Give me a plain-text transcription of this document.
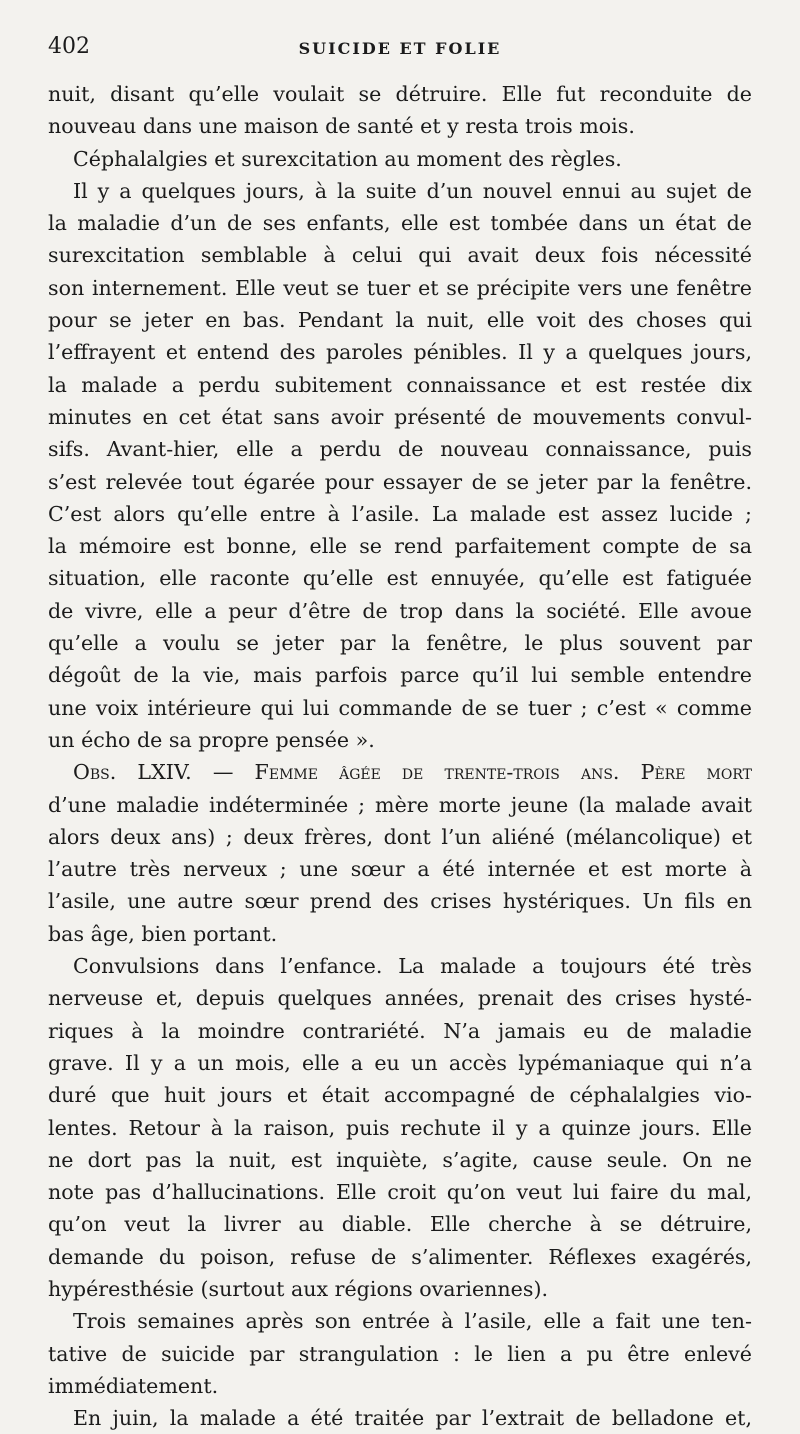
402	SUICIDE ET FOLIE
nuit, disant qu’elle voulait se détruire. Elle fut reconduite de
nouveau dans une maison de santé et y resta trois mois.
Céphalalgies et surexcitation au moment des règles.
Il y a quelques jours, à la suite d’un nouvel ennui au sujet de
la maladie d’un de ses enfants, elle est tombée dans un état de
surexcitation semblable à celui qui avait deux fois nécessité
son internement. Elle veut se tuer et se précipite vers une fenêtre
pour se jeter en bas. Pendant la nuit, elle voit des choses qui
l’effrayent et entend des paroles pénibles. Il y a quelques jours,
la malade a perdu subitement connaissance et est restée dix
minutes en cet état sans avoir présenté de mouvements convul-
sifs. Avant-hier, elle a perdu de nouveau connaissance, puis
s’est relevée tout égarée pour essayer de se jeter par la fenêtre.
C’est alors qu’elle entre à l’asile. La malade est assez lucide ;
la mémoire est bonne, elle se rend parfaitement compte de sa
situation, elle raconte qu’elle est ennuyée, qu’elle est fatiguée
de vivre, elle a peur d’être de trop dans la société. Elle avoue
qu’elle a voulu se jeter par la fenêtre, le plus souvent par
dégoût de la vie, mais parfois parce qu’il lui semble entendre
une voix intérieure qui lui commande de se tuer ; c’est « comme
un écho de sa propre pensée ».
Obs. LXIV. — Femme âgée de trente-trois ans. Père mort
d’une maladie indéterminée ; mère morte jeune (la malade avait
alors deux ans) ; deux frères, dont l’un aliéné (mélancolique) et
l’autre très nerveux ; une sœur a été internée et est morte à
l’asile, une autre sœur prend des crises hystériques. Un fils en
bas âge, bien portant.
Convulsions dans l’enfance. La malade a toujours été très
nerveuse et, depuis quelques années, prenait des crises hysté-
riques à la moindre contrariété. N’a jamais eu de maladie
grave. Il y a un mois, elle a eu un accès lypémaniaque qui n’a
duré que huit jours et était accompagné de céphalalgies vio-
lentes. Retour à la raison, puis rechute il y a quinze jours. Elle
ne dort pas la nuit, est inquiète, s’agite, cause seule. On ne
note pas d’hallucinations. Elle croit qu’on veut lui faire du mal,
qu’on veut la livrer au diable. Elle cherche à se détruire,
demande du poison, refuse de s’alimenter. Réflexes exagérés,
hypéresthésie (surtout aux régions ovariennes).
Trois semaines après son entrée à l’asile, elle a fait une ten-
tative de suicide par strangulation : le lien a pu être enlevé
immédiatement.
En juin, la malade a été traitée par l’extrait de belladone et,
